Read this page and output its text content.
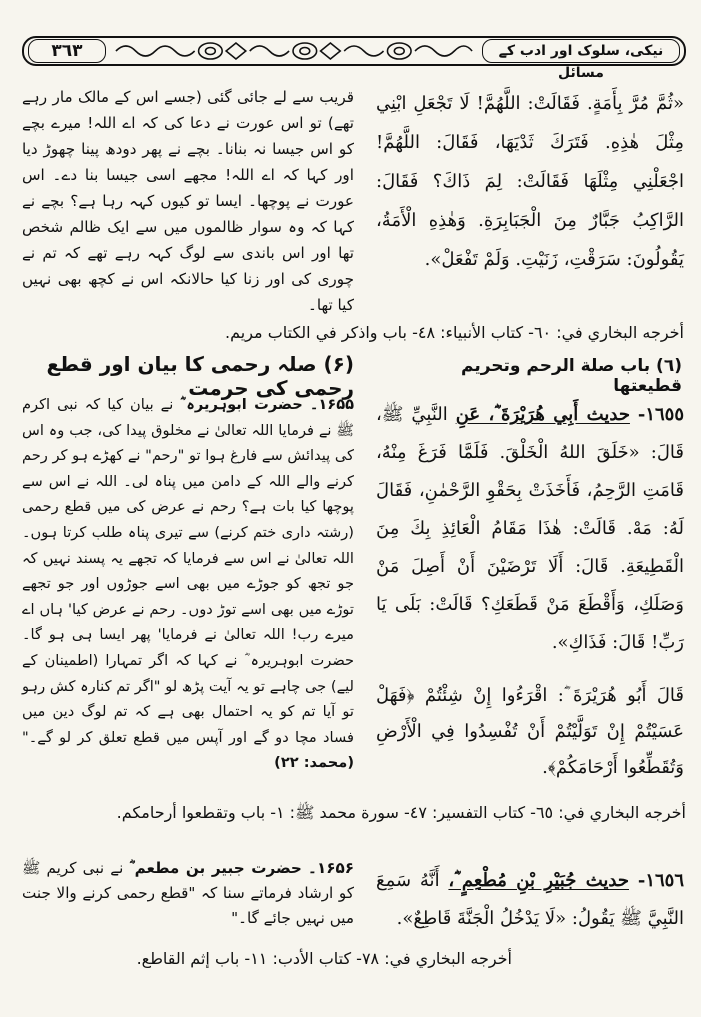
٣٦٣	نیکی، سلوک اور ادب کے مسائل

قریب سے لے جائی گئی (جسے اس کے مالک مار رہے تھے) تو اس عورت نے دعا کی کہ اے اللہ! میرے بچے کو اس جیسا نہ بنانا۔ بچے نے پھر دودھ پینا چھوڑ دیا اور کہا کہ اے اللہ! مجھے اسی جیسا بنا دے۔ اس عورت نے پوچھا۔ ایسا تو کیوں کہہ رہا ہے؟ بچے نے کہا کہ وہ سوار ظالموں میں سے ایک ظالم شخص تھا اور اس باندی سے لوگ کہہ رہے تھے کہ تم نے چوری کی اور زنا کیا حالانکہ اس نے کچھ بھی نہیں کیا تھا۔

«ثُمَّ مُرَّ بِأَمَةٍ. فَقَالَتْ: اللَّهُمَّ! لَا تَجْعَلِ ابْنِي مِثْلَ هٰذِهِ. فَتَرَكَ ثَدْيَهَا، فَقَالَ: اللَّهُمَّ! اجْعَلْنِي مِثْلَهَا فَقَالَتْ: لِمَ ذَاكَ؟ فَقَالَ: الرَّاكِبُ جَبَّارٌ مِنَ الْجَبَابِرَةِ. وَهٰذِهِ الْأَمَةُ، يَقُولُونَ: سَرَقْتِ، زَنَيْتِ. وَلَمْ تَفْعَلْ».

أخرجه البخاري في: ٦٠- كتاب الأنبياء: ٤٨- باب واذكر في الكتاب مريم.
(۶) صلہ رحمی کا بیان اور قطع رحمی کی حرمت
(٦) باب صلة الرحم وتحريم قطيعتها

۱۶۵۵۔ حضرت ابوہریرہ ؓ نے بیان کیا کہ نبی اکرم ﷺ نے فرمایا اللہ تعالیٰ نے مخلوق پیدا کی، جب وہ اس کی پیدائش سے فارغ ہوا تو "رحم" نے کھڑے ہو کر رحم کرنے والے اللہ کے دامن میں پناہ لی۔ اللہ نے اس سے پوچھا کیا بات ہے؟ رحم نے عرض کی میں قطع رحمی (رشتہ داری ختم کرنے) سے تیری پناہ طلب کرتا ہوں۔ اللہ تعالیٰ نے اس سے فرمایا کہ تجھے یہ پسند نہیں کہ جو تجھ کو جوڑے میں بھی اسے جوڑوں اور جو تجھے توڑے میں بھی اسے توڑ دوں۔ رحم نے عرض کیا' ہاں اے میرے رب! اللہ تعالیٰ نے فرمایا' پھر ایسا ہی ہو گا۔ حضرت ابوہریرہ ؓ نے کہا کہ اگر تمہارا (اطمینان کے لیے) جی چاہے تو یہ آیت پڑھ لو "اگر تم کنارہ کش رہو تو آیا تم کو یہ احتمال بھی ہے کہ تم لوگ دین میں فساد مچا دو گے اور آپس میں قطع تعلق کر لو گے۔" (محمد: ۲۲)

١٦٥٥- حديث أَبِي هُرَيْرَةَ ؓ، عَنِ النَّبِيِّ ﷺ، قَالَ: «خَلَقَ اللهُ الْخَلْقَ. فَلَمَّا فَرَغَ مِنْهُ، قَامَتِ الرَّحِمُ، فَأَخَذَتْ بِحَقْوِ الرَّحْمٰنِ، فَقَالَ لَهُ: مَهْ. قَالَتْ: هٰذَا مَقَامُ الْعَائِذِ بِكَ مِنَ الْقَطِيعَةِ. قَالَ: أَلَا تَرْضَيْنَ أَنْ أَصِلَ مَنْ وَصَلَكِ، وَأَقْطَعَ مَنْ قَطَعَكِ؟ قَالَتْ: بَلَى يَا رَبِّ! قَالَ: فَذَاكِ».

قَالَ أَبُو هُرَيْرَةَ ؓ: اقْرَءُوا إِنْ شِئْتُمْ ﴿فَهَلْ عَسَيْتُمْ إِنْ تَوَلَّيْتُمْ أَنْ تُفْسِدُوا فِي الْأَرْضِ وَتُقَطِّعُوا أَرْحَامَكُمْ﴾.

أخرجه البخاري في: ٦٥- كتاب التفسير: ٤٧- سورة محمد ﷺ: ١- باب وتقطعوا أرحامكم.

۱۶۵۶۔ حضرت جبیر بن مطعم ؓ نے نبی کریم ﷺ کو ارشاد فرماتے سنا کہ "قطع رحمی کرنے والا جنت میں نہیں جائے گا۔"

١٦٥٦- حديث جُبَيْرِ بْنِ مُطْعِمٍ ؓ، أَنَّهُ سَمِعَ النَّبِيَّ ﷺ يَقُولُ: «لَا يَدْخُلُ الْجَنَّةَ قَاطِعٌ».

أخرجه البخاري في: ٧٨- كتاب الأدب: ١١- باب إثم القاطع.
